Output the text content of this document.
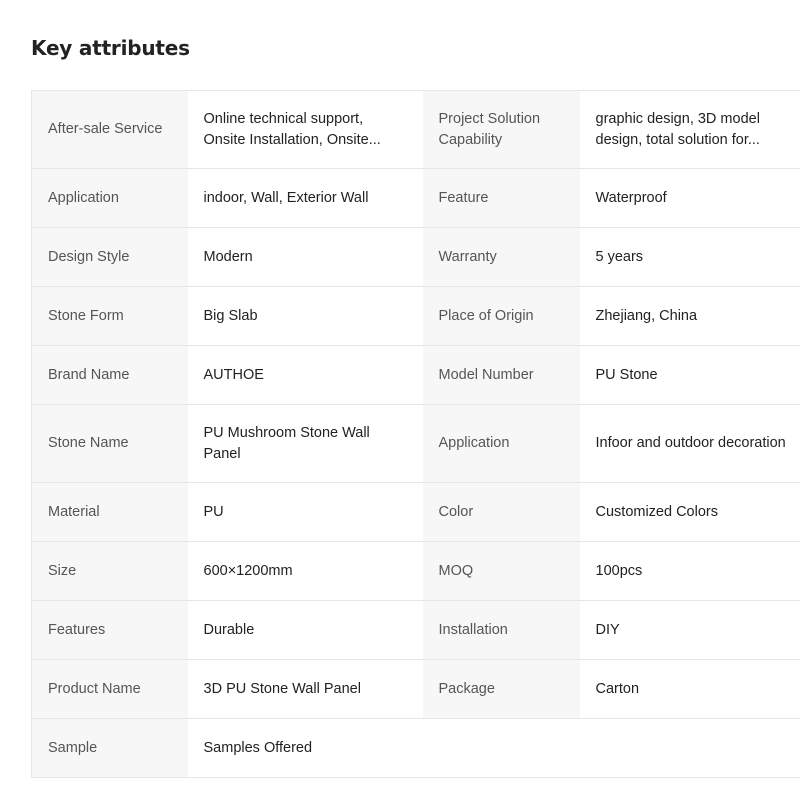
Key attributes
After-sale Service	Online technical support, Onsite Installation, Onsite...	Project Solution Capability	graphic design, 3D model design, total solution for...

Application	indoor, Wall, Exterior Wall	Feature	Waterproof
Design Style	Modern	Warranty	5 years
Stone Form	Big Slab	Place of Origin	Zhejiang, China
Brand Name	AUTHOE	Model Number	PU Stone
Stone Name	PU Mushroom Stone Wall Panel	Application	Infoor and outdoor decoration
Material	PU	Color	Customized Colors
Size	600×1200mm	MOQ	100pcs
Features	Durable	Installation	DIY
Product Name	3D PU Stone Wall Panel	Package	Carton
Sample	Samples Offered		
